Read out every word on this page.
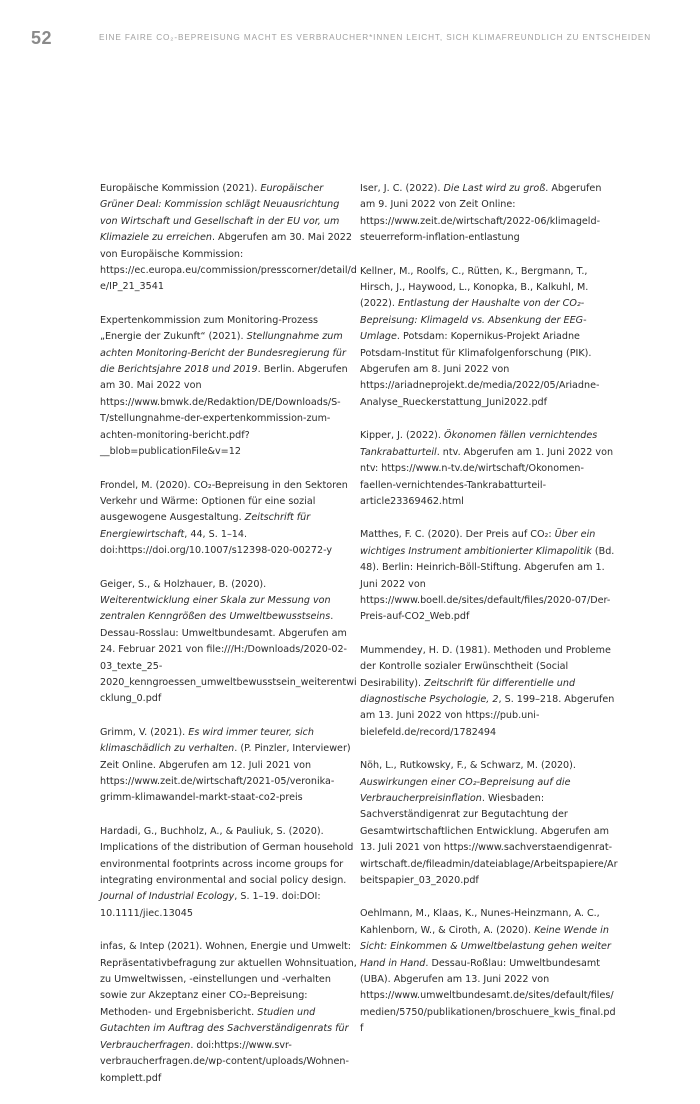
52	EINE FAIRE CO₂-BEPREISUNG MACHT ES VERBRAUCHER*INNEN LEICHT, SICH KLIMAFREUNDLICH ZU ENTSCHEIDEN

Europäische Kommission (2021). Europäischer Grüner Deal: Kommission schlägt Neuausrichtung von Wirtschaft und Gesellschaft in der EU vor, um Klimaziele zu erreichen. Abgerufen am 30. Mai 2022 von Europäische Kommission: https://ec.europa.eu/commission/presscorner/detail/de/IP_21_3541

Expertenkommission zum Monitoring-Prozess „Energie der Zukunft“ (2021). Stellungnahme zum achten Monitoring-Bericht der Bundesregierung für die Berichtsjahre 2018 und 2019. Berlin. Abgerufen am 30. Mai 2022 von https://www.bmwk.de/Redaktion/DE/Downloads/S-T/stellungnahme-der-expertenkommission-zum-achten-monitoring-bericht.pdf?__blob=publicationFile&v=12

Frondel, M. (2020). CO₂-Bepreisung in den Sektoren Verkehr und Wärme: Optionen für eine sozial ausgewogene Ausgestaltung. Zeitschrift für Energiewirtschaft, 44, S. 1–14. doi:https://doi.org/10.1007/s12398-020-00272-y

Geiger, S., & Holzhauer, B. (2020). Weiterentwicklung einer Skala zur Messung von zentralen Kenngrößen des Umweltbewusstseins. Dessau-Rosslau: Umweltbundesamt. Abgerufen am 24. Februar 2021 von file:///H:/Downloads/2020-02-03_texte_25-2020_kenngroessen_umweltbewusstsein_weiterentwicklung_0.pdf

Grimm, V. (2021). Es wird immer teurer, sich klimaschädlich zu verhalten. (P. Pinzler, Interviewer) Zeit Online. Abgerufen am 12. Juli 2021 von https://www.zeit.de/wirtschaft/2021-05/veronika-grimm-klimawandel-markt-staat-co2-preis

Hardadi, G., Buchholz, A., & Pauliuk, S. (2020). Implications of the distribution of German household environmental footprints across income groups for integrating environmental and social policy design. Journal of Industrial Ecology, S. 1–19. doi:DOI: 10.1111/jiec.13045

infas, & Intep (2021). Wohnen, Energie und Umwelt: Repräsentativbefragung zur aktuellen Wohnsituation, zu Umweltwissen, -einstellungen und -verhalten sowie zur Akzeptanz einer CO₂-Bepreisung: Methoden- und Ergebnisbericht. Studien und Gutachten im Auftrag des Sachverständigenrats für Verbraucherfragen. doi:https://www.svr-verbraucherfragen.de/wp-content/uploads/Wohnen-komplett.pdf

Iser, J. C. (2022). Die Last wird zu groß. Abgerufen am 9. Juni 2022 von Zeit Online: https://www.zeit.de/wirtschaft/2022-06/klimageld-steuerreform-inflation-entlastung

Kellner, M., Roolfs, C., Rütten, K., Bergmann, T., Hirsch, J., Haywood, L., Konopka, B., Kalkuhl, M. (2022). Entlastung der Haushalte von der CO₂-Bepreisung: Klimageld vs. Absenkung der EEG-Umlage. Potsdam: Kopernikus-Projekt Ariadne Potsdam-Institut für Klimafolgenforschung (PIK). Abgerufen am 8. Juni 2022 von https://ariadneprojekt.de/media/2022/05/Ariadne-Analyse_Rueckerstattung_Juni2022.pdf

Kipper, J. (2022). Ökonomen fällen vernichtendes Tankrabatturteil. ntv. Abgerufen am 1. Juni 2022 von ntv: https://www.n-tv.de/wirtschaft/Okonomen-faellen-vernichtendes-Tankrabatturteil-article23369462.html

Matthes, F. C. (2020). Der Preis auf CO₂: Über ein wichtiges Instrument ambitionierter Klimapolitik (Bd. 48). Berlin: Heinrich-Böll-Stiftung. Abgerufen am 1. Juni 2022 von https://www.boell.de/sites/default/files/2020-07/Der-Preis-auf-CO2_Web.pdf

Mummendey, H. D. (1981). Methoden und Probleme der Kontrolle sozialer Erwünschtheit (Social Desirability). Zeitschrift für differentielle und diagnostische Psychologie, 2, S. 199–218. Abgerufen am 13. Juni 2022 von https://pub.uni-bielefeld.de/record/1782494

Nöh, L., Rutkowsky, F., & Schwarz, M. (2020). Auswirkungen einer CO₂-Bepreisung auf die Verbraucherpreisinflation. Wiesbaden: Sachverständigenrat zur Begutachtung der Gesamtwirtschaftlichen Entwicklung. Abgerufen am 13. Juli 2021 von https://www.sachverstaendigenrat-wirtschaft.de/fileadmin/dateiablage/Arbeitspapiere/Arbeitspapier_03_2020.pdf

Oehlmann, M., Klaas, K., Nunes-Heinzmann, A. C., Kahlenborn, W., & Ciroth, A. (2020). Keine Wende in Sicht: Einkommen & Umweltbelastung gehen weiter Hand in Hand. Dessau-Roßlau: Umweltbundesamt (UBA). Abgerufen am 13. Juni 2022 von https://www.umweltbundesamt.de/sites/default/files/medien/5750/publikationen/broschuere_kwis_final.pdf
